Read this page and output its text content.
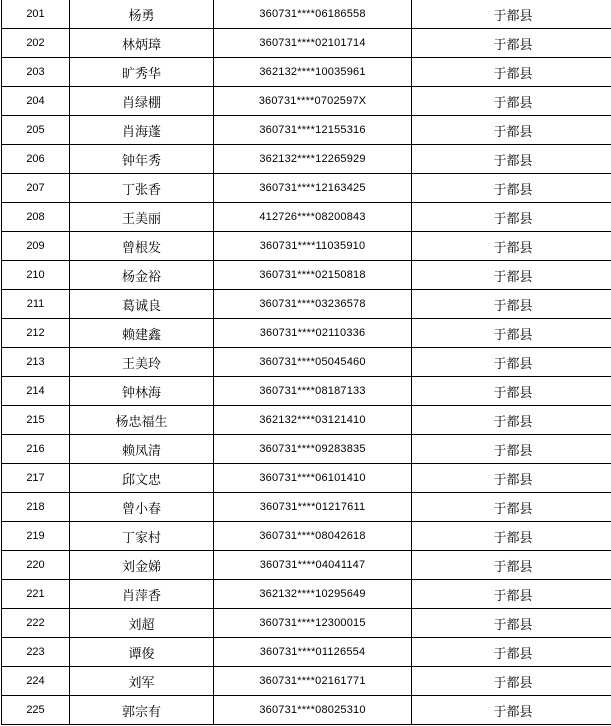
201	杨勇	360731****06186558	于都县
202	林炳璋	360731****02101714	于都县
203	旷秀华	362132****10035961	于都县
204	肖绿棚	360731****0702597X	于都县
205	肖海蓬	360731****12155316	于都县
206	钟年秀	362132****12265929	于都县
207	丁张香	360731****12163425	于都县
208	王美丽	412726****08200843	于都县
209	曾根发	360731****11035910	于都县
210	杨金裕	360731****02150818	于都县
211	葛诚良	360731****03236578	于都县
212	赖建鑫	360731****02110336	于都县
213	王美玲	360731****05045460	于都县
214	钟林海	360731****08187133	于都县
215	杨忠福生	362132****03121410	于都县
216	赖凤清	360731****09283835	于都县
217	邱文忠	360731****06101410	于都县
218	曾小春	360731****01217611	于都县
219	丁家村	360731****08042618	于都县
220	刘金娣	360731****04041147	于都县
221	肖萍香	362132****10295649	于都县
222	刘超	360731****12300015	于都县
223	谭俊	360731****01126554	于都县
224	刘军	360731****02161771	于都县
225	郭宗有	360731****08025310	于都县
